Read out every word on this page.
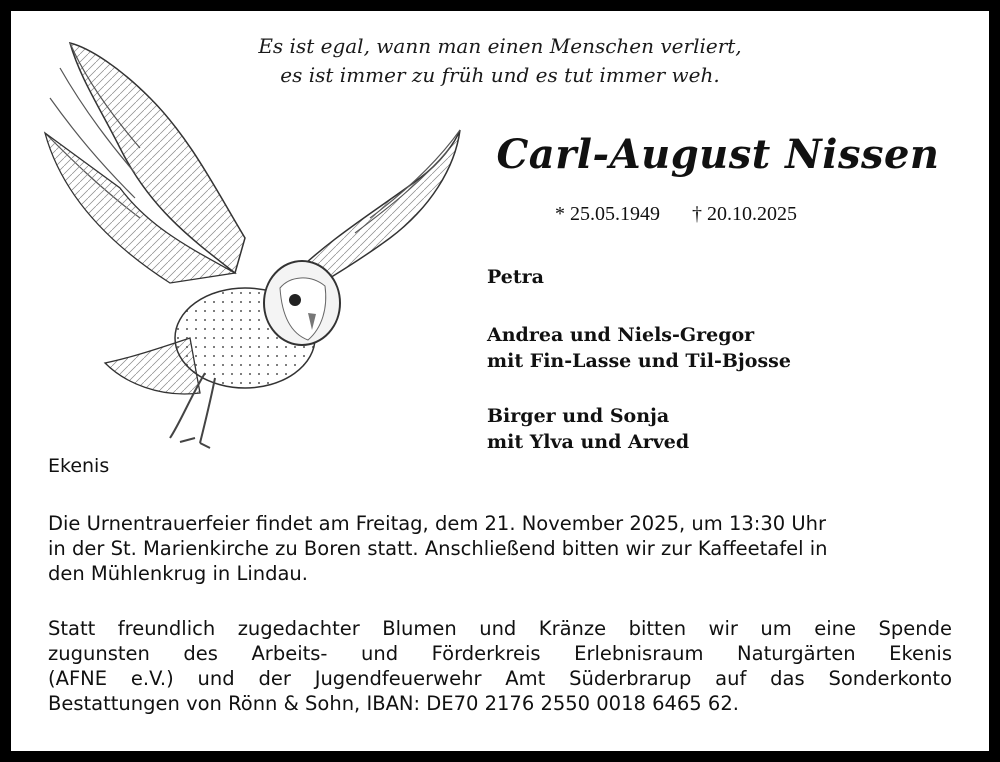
Es ist egal, wann man einen Menschen verliert,
es ist immer zu früh und es tut immer weh.
Carl-August Nissen
* 25.05.1949 † 20.10.2025
Petra
Andrea und Niels-Gregor
mit Fin-Lasse und Til-Bjosse
Birger und Sonja
mit Ylva und Arved
Ekenis
Die Urnentrauerfeier findet am Freitag, dem 21. November 2025, um 13:30 Uhr
in der St. Marienkirche zu Boren statt. Anschließend bitten wir zur Kaffeetafel in
den Mühlenkrug in Lindau.
Statt freundlich zugedachter Blumen und Kränze bitten wir um eine Spende
zugunsten des Arbeits- und Förderkreis Erlebnisraum Naturgärten Ekenis
(AFNE e.V.) und der Jugendfeuerwehr Amt Süderbrarup auf das Sonderkonto
Bestattungen von Rönn & Sohn, IBAN: DE70 2176 2550 0018 6465 62.
